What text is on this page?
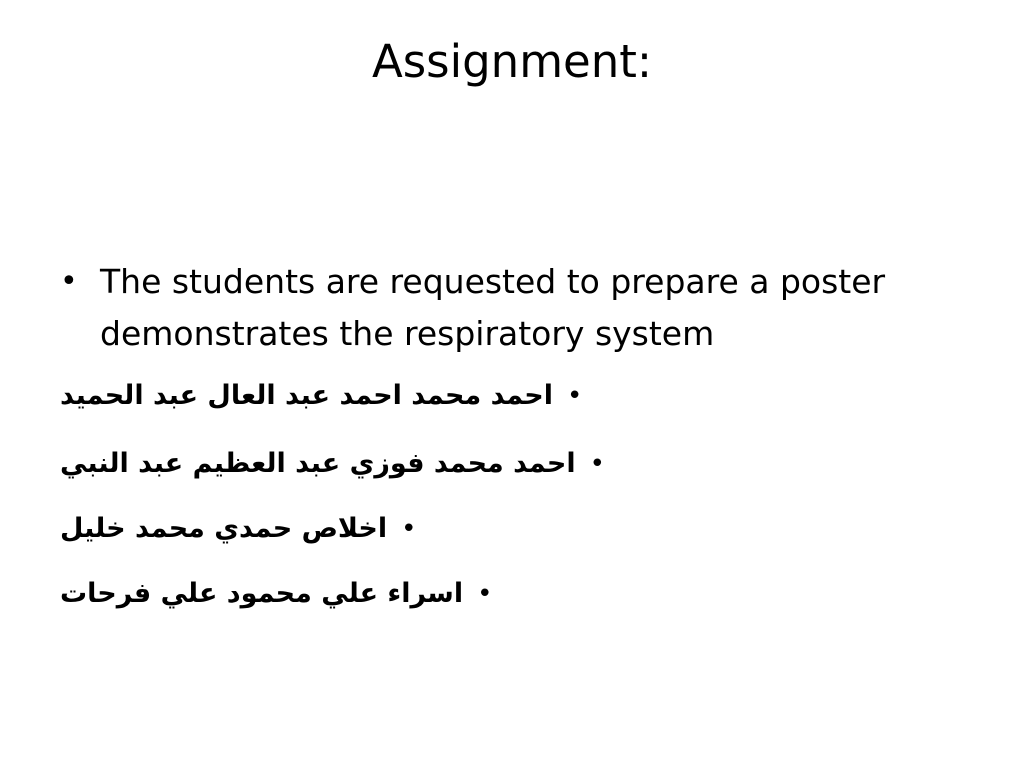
Assignment:
• The students are requested to prepare a poster demonstrates the respiratory system
•احمد محمد احمد عبد العال عبد الحميد
•احمد محمد فوزي عبد العظيم عبد النبي
•اخلاص حمدي محمد خليل
•اسراء علي محمود علي فرحات
